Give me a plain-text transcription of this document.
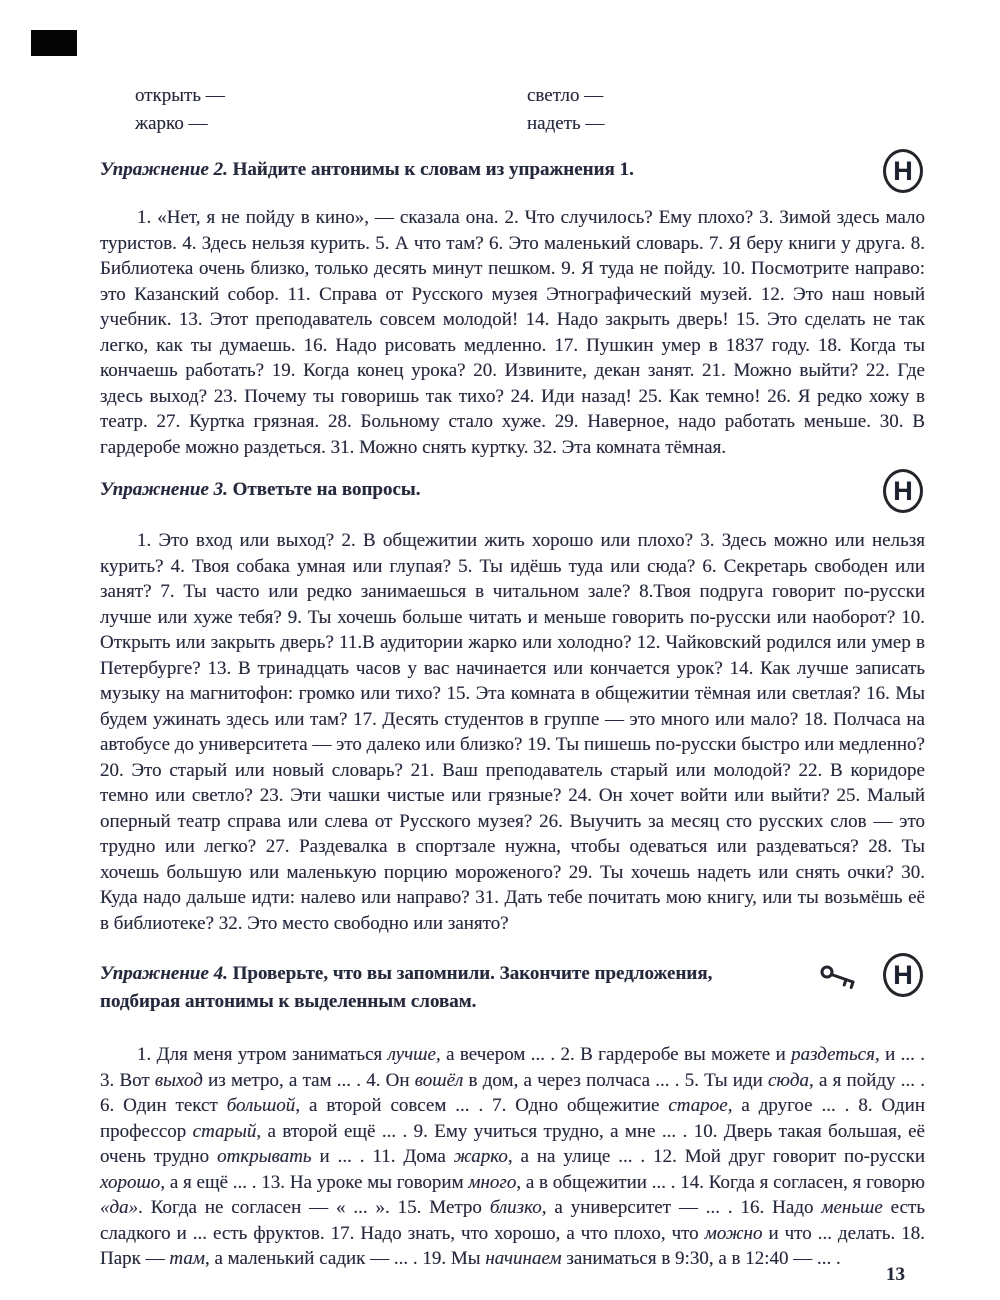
открыть —
жарко —
светло —
надеть —
Упражнение 2. Найдите антонимы к словам из упражнения 1.	H

1. «Нет, я не пойду в кино», — сказала она. 2. Что случилось? Ему плохо? 3. Зимой здесь мало туристов. 4. Здесь нельзя курить. 5. А что там? 6. Это маленький словарь. 7. Я беру книги у друга. 8. Библиотека очень близко, только десять минут пешком. 9. Я туда не пойду. 10. Посмотрите направо: это Казанский собор. 11. Справа от Русского музея Этнографический музей. 12. Это наш новый учебник. 13. Этот преподаватель совсем молодой! 14. Надо закрыть дверь! 15. Это сделать не так легко, как ты думаешь. 16. Надо рисовать медленно. 17. Пушкин умер в 1837 году. 18. Когда ты кончаешь работать? 19. Когда конец урока? 20. Извините, декан занят. 21. Можно выйти? 22. Где здесь выход? 23. Почему ты говоришь так тихо? 24. Иди назад! 25. Как темно! 26. Я редко хожу в театр. 27. Куртка грязная. 28. Больному стало хуже. 29. Наверное, надо работать меньше. 30. В гардеробе можно раздеться. 31. Можно снять куртку. 32. Эта комната тёмная.

Упражнение 3. Ответьте на вопросы.	H

1. Это вход или выход? 2. В общежитии жить хорошо или плохо? 3. Здесь можно или нельзя курить? 4. Твоя собака умная или глупая? 5. Ты идёшь туда или сюда? 6. Секретарь свободен или занят? 7. Ты часто или редко занимаешься в читальном зале? 8.Твоя подруга говорит по-русски лучше или хуже тебя? 9. Ты хочешь больше читать и меньше говорить по-русски или наоборот? 10. Открыть или закрыть дверь? 11.В аудитории жарко или холодно? 12. Чайковский родился или умер в Петербурге? 13. В тринадцать часов у вас начинается или кончается урок? 14. Как лучше записать музыку на магнитофон: громко или тихо? 15. Эта комната в общежитии тёмная или светлая? 16. Мы будем ужинать здесь или там? 17. Десять студентов в группе — это много или мало? 18. Полчаса на автобусе до университета — это далеко или близко? 19. Ты пишешь по-русски быстро или медленно? 20. Это старый или новый словарь? 21. Ваш преподаватель старый или молодой? 22. В коридоре темно или светло? 23. Эти чашки чистые или грязные? 24. Он хочет войти или выйти? 25. Малый оперный театр справа или слева от Русского музея? 26. Выучить за месяц сто русских слов — это трудно или легко? 27. Раздевалка в спортзале нужна, чтобы одеваться или раздеваться? 28. Ты хочешь большую или маленькую порцию мороженого? 29. Ты хочешь надеть или снять очки? 30. Куда надо дальше идти: налево или направо? 31. Дать тебе почитать мою книгу, или ты возьмёшь её в библиотеке? 32. Это место свободно или занято?

Упражнение 4. Проверьте, что вы запомнили. Закончите предложения,
подбирая антонимы к выделенным словам.
H

1. Для меня утром заниматься лучше, а вечером ... . 2. В гардеробе вы можете и раздеться, и ... . 3. Вот выход из метро, а там ... . 4. Он вошёл в дом, а через полчаса ... . 5. Ты иди сюда, а я пойду ... . 6. Один текст большой, а второй совсем ... . 7. Одно общежитие старое, а другое ... . 8. Один профессор старый, а второй ещё ... . 9. Ему учиться трудно, а мне ... . 10. Дверь такая большая, её очень трудно открывать и ... . 11. Дома жарко, а на улице ... . 12. Мой друг говорит по-русски хорошо, а я ещё ... . 13. На уроке мы говорим много, а в общежитии ... . 14. Когда я согласен, я говорю «да». Когда не согласен — « ... ». 15. Метро близко, а университет — ... . 16. Надо меньше есть сладкого и ... есть фруктов. 17. Надо знать, что хорошо, а что плохо, что можно и что ... делать. 18. Парк — там, а маленький садик — ... . 19. Мы начинаем заниматься в 9:30, а в 12:40 — ... .

13
